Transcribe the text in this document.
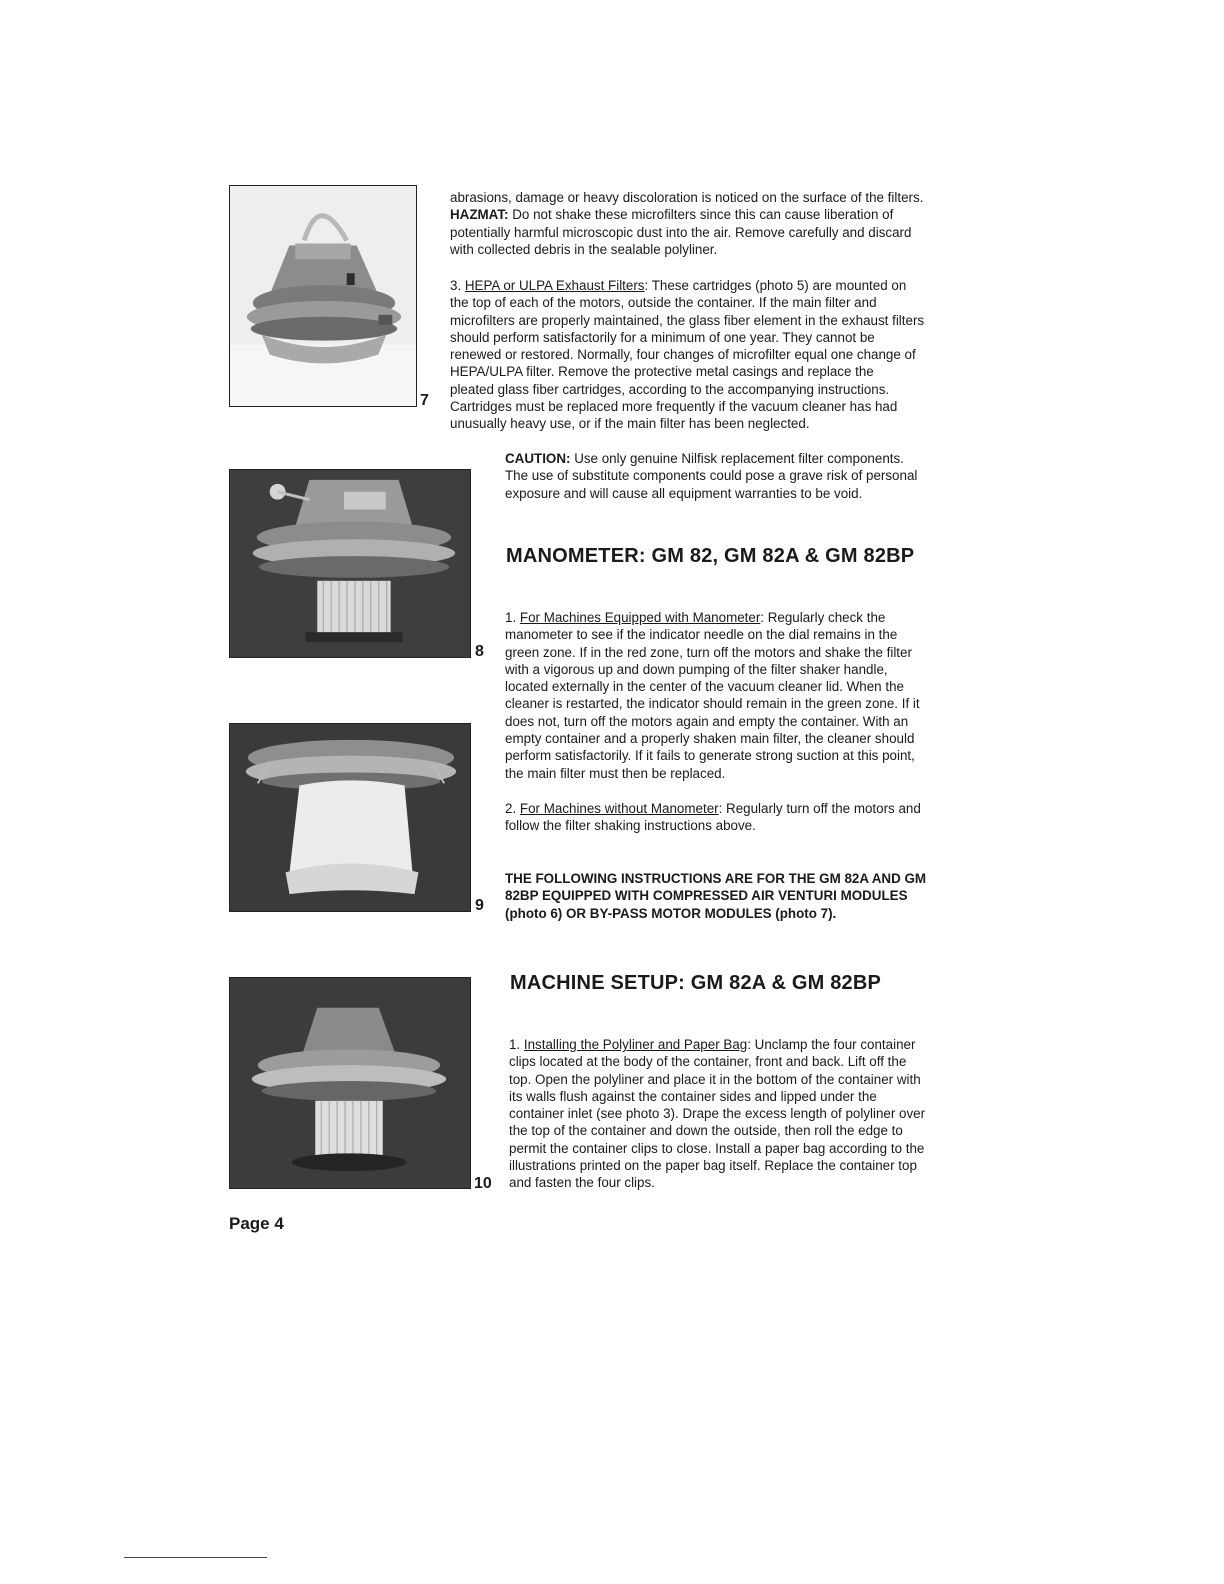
7
8
9
10
abrasions, damage or heavy discoloration is noticed on the surface of the filters.
HAZMAT: Do not shake these microfilters since this can cause liberation of
potentially harmful microscopic dust into the air. Remove carefully and discard
with collected debris in the sealable polyliner.
3. HEPA or ULPA Exhaust Filters: These cartridges (photo 5) are mounted on
the top of each of the motors, outside the container. If the main filter and
microfilters are properly maintained, the glass fiber element in the exhaust filters
should perform satisfactorily for a minimum of one year. They cannot be
renewed or restored. Normally, four changes of microfilter equal one change of
HEPA/ULPA filter. Remove the protective metal casings and replace the
pleated glass fiber cartridges, according to the accompanying instructions.
Cartridges must be replaced more frequently if the vacuum cleaner has had
unusually heavy use, or if the main filter has been neglected.
CAUTION: Use only genuine Nilfisk replacement filter components.
The use of substitute components could pose a grave risk of personal
exposure and will cause all equipment warranties to be void.
MANOMETER: GM 82, GM 82A & GM 82BP
1. For Machines Equipped with Manometer: Regularly check the
manometer to see if the indicator needle on the dial remains in the
green zone. If in the red zone, turn off the motors and shake the filter
with a vigorous up and down pumping of the filter shaker handle,
located externally in the center of the vacuum cleaner lid. When the
cleaner is restarted, the indicator should remain in the green zone. If it
does not, turn off the motors again and empty the container. With an
empty container and a properly shaken main filter, the cleaner should
perform satisfactorily. If it fails to generate strong suction at this point,
the main filter must then be replaced.
2. For Machines without Manometer: Regularly turn off the motors and
follow the filter shaking instructions above.
THE FOLLOWING INSTRUCTIONS ARE FOR THE GM 82A AND GM
82BP EQUIPPED WITH COMPRESSED AIR VENTURI MODULES
(photo 6) OR BY-PASS MOTOR MODULES (photo 7).
MACHINE SETUP: GM 82A & GM 82BP
1. Installing the Polyliner and Paper Bag: Unclamp the four container
clips located at the body of the container, front and back. Lift off the
top. Open the polyliner and place it in the bottom of the container with
its walls flush against the container sides and lipped under the
container inlet (see photo 3). Drape the excess length of polyliner over
the top of the container and down the outside, then roll the edge to
permit the container clips to close. Install a paper bag according to the
illustrations printed on the paper bag itself. Replace the container top
and fasten the four clips.
Page 4
